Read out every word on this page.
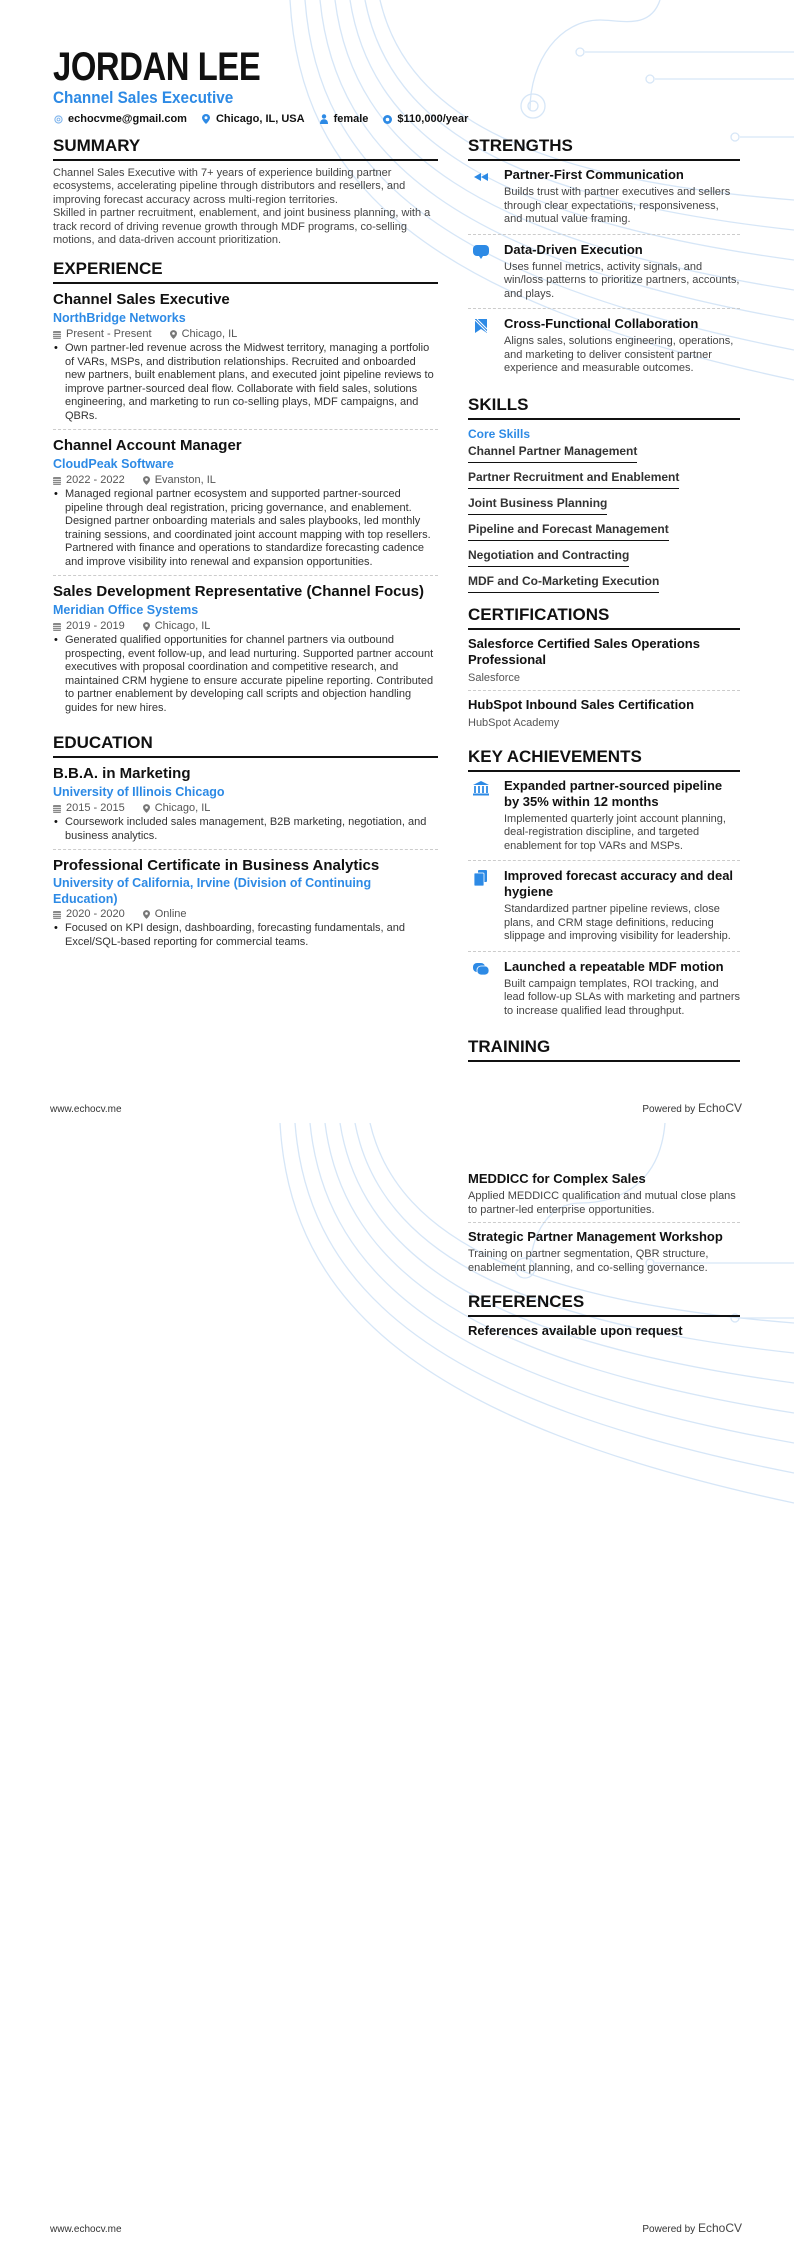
JORDAN LEE
Channel Sales Executive
echocvme@gmail.com	Chicago, IL, USA	female	$110,000/year
SUMMARY

Channel Sales Executive with 7+ years of experience building partner ecosystems, accelerating pipeline through distributors and resellers, and improving forecast accuracy across multi-region territories.

Skilled in partner recruitment, enablement, and joint business planning, with a track record of driving revenue growth through MDF programs, co-selling motions, and data-driven account prioritization.

EXPERIENCE
Channel Sales Executive
NorthBridge Networks
Present - Present	Chicago, IL
• Own partner-led revenue across the Midwest territory, managing a portfolio of VARs, MSPs, and distribution relationships. Recruited and onboarded new partners, built enablement plans, and executed joint pipeline reviews to improve partner-sourced deal flow. Collaborate with field sales, solutions engineering, and marketing to run co-selling plays, MDF campaigns, and QBRs.
Channel Account Manager
CloudPeak Software
2022 - 2022	Evanston, IL
• Managed regional partner ecosystem and supported partner-sourced pipeline through deal registration, pricing governance, and enablement. Designed partner onboarding materials and sales playbooks, led monthly training sessions, and coordinated joint account mapping with top resellers. Partnered with finance and operations to standardize forecasting cadence and improve visibility into renewal and expansion opportunities.
Sales Development Representative (Channel Focus)
Meridian Office Systems
2019 - 2019	Chicago, IL
• Generated qualified opportunities for channel partners via outbound prospecting, event follow-up, and lead nurturing. Supported partner account executives with proposal coordination and competitive research, and maintained CRM hygiene to ensure accurate pipeline reporting. Contributed to partner enablement by developing call scripts and objection handling guides for new hires.
EDUCATION
B.B.A. in Marketing
University of Illinois Chicago
2015 - 2015	Chicago, IL
• Coursework included sales management, B2B marketing, negotiation, and business analytics.
Professional Certificate in Business Analytics
University of California, Irvine (Division of Continuing Education)
2020 - 2020	Online
• Focused on KPI design, dashboarding, forecasting fundamentals, and Excel/SQL-based reporting for commercial teams.
STRENGTHS
Partner-First Communication
Builds trust with partner executives and sellers through clear expectations, responsiveness, and mutual value framing.
Data-Driven Execution
Uses funnel metrics, activity signals, and win/loss patterns to prioritize partners, accounts, and plays.
Cross-Functional Collaboration
Aligns sales, solutions engineering, operations, and marketing to deliver consistent partner experience and measurable outcomes.
SKILLS
Core Skills
Channel Partner Management
Partner Recruitment and Enablement
Joint Business Planning
Pipeline and Forecast Management
Negotiation and Contracting
MDF and Co-Marketing Execution
CERTIFICATIONS
Salesforce Certified Sales Operations Professional
Salesforce
HubSpot Inbound Sales Certification
HubSpot Academy
KEY ACHIEVEMENTS
Expanded partner-sourced pipeline by 35% within 12 months
Implemented quarterly joint account planning, deal-registration discipline, and targeted enablement for top VARs and MSPs.
Improved forecast accuracy and deal hygiene
Standardized partner pipeline reviews, close plans, and CRM stage definitions, reducing slippage and improving visibility for leadership.
Launched a repeatable MDF motion
Built campaign templates, ROI tracking, and lead follow-up SLAs with marketing and partners to increase qualified lead throughput.
TRAINING
www.echocv.me	Powered by EchoCV
MEDDICC for Complex Sales
Applied MEDDICC qualification and mutual close plans to partner-led enterprise opportunities.
Strategic Partner Management Workshop
Training on partner segmentation, QBR structure, enablement planning, and co-selling governance.
REFERENCES
References available upon request
www.echocv.me	Powered by EchoCV
